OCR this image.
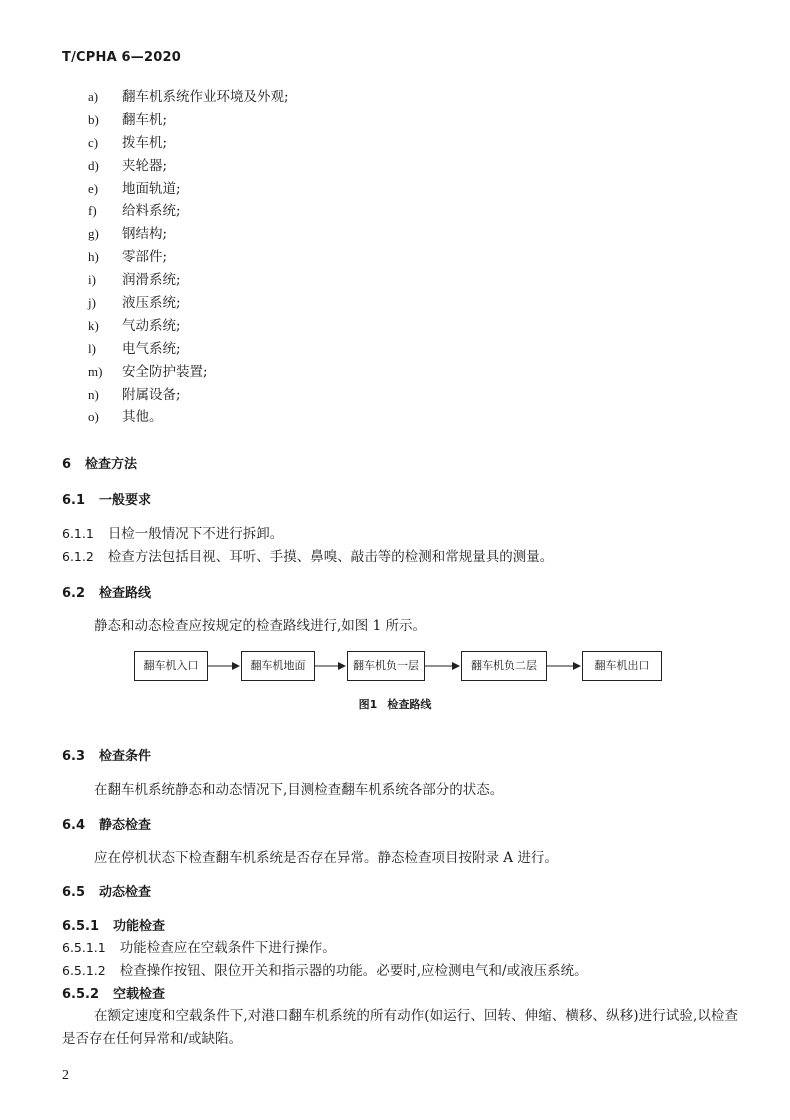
T/CPHA 6—2020
a) 翻车机系统作业环境及外观;
b) 翻车机;
c) 拨车机;
d) 夹轮器;
e) 地面轨道;
f) 给料系统;
g) 钢结构;
h) 零部件;
i) 润滑系统;
j) 液压系统;
k) 气动系统;
l) 电气系统;
m) 安全防护装置;
n) 附属设备;
o) 其他。
6 检查方法
6.1 一般要求
6.1.1 日检一般情况下不进行拆卸。
6.1.2 检查方法包括目视、耳听、手摸、鼻嗅、敲击等的检测和常规量具的测量。
6.2 检查路线
静态和动态检查应按规定的检查路线进行,如图 1 所示。
翻车机入口	翻车机地面	翻车机负一层	翻车机负二层	翻车机出口
图1 检查路线
6.3 检查条件
在翻车机系统静态和动态情况下,目测检查翻车机系统各部分的状态。
6.4 静态检查
应在停机状态下检查翻车机系统是否存在异常。静态检查项目按附录 A 进行。
6.5 动态检查
6.5.1 功能检查
6.5.1.1 功能检查应在空载条件下进行操作。
6.5.1.2 检查操作按钮、限位开关和指示器的功能。必要时,应检测电气和/或液压系统。
6.5.2 空载检查
在额定速度和空载条件下,对港口翻车机系统的所有动作(如运行、回转、伸缩、横移、纵移)进行试验,以检查是否存在任何异常和/或缺陷。
2
